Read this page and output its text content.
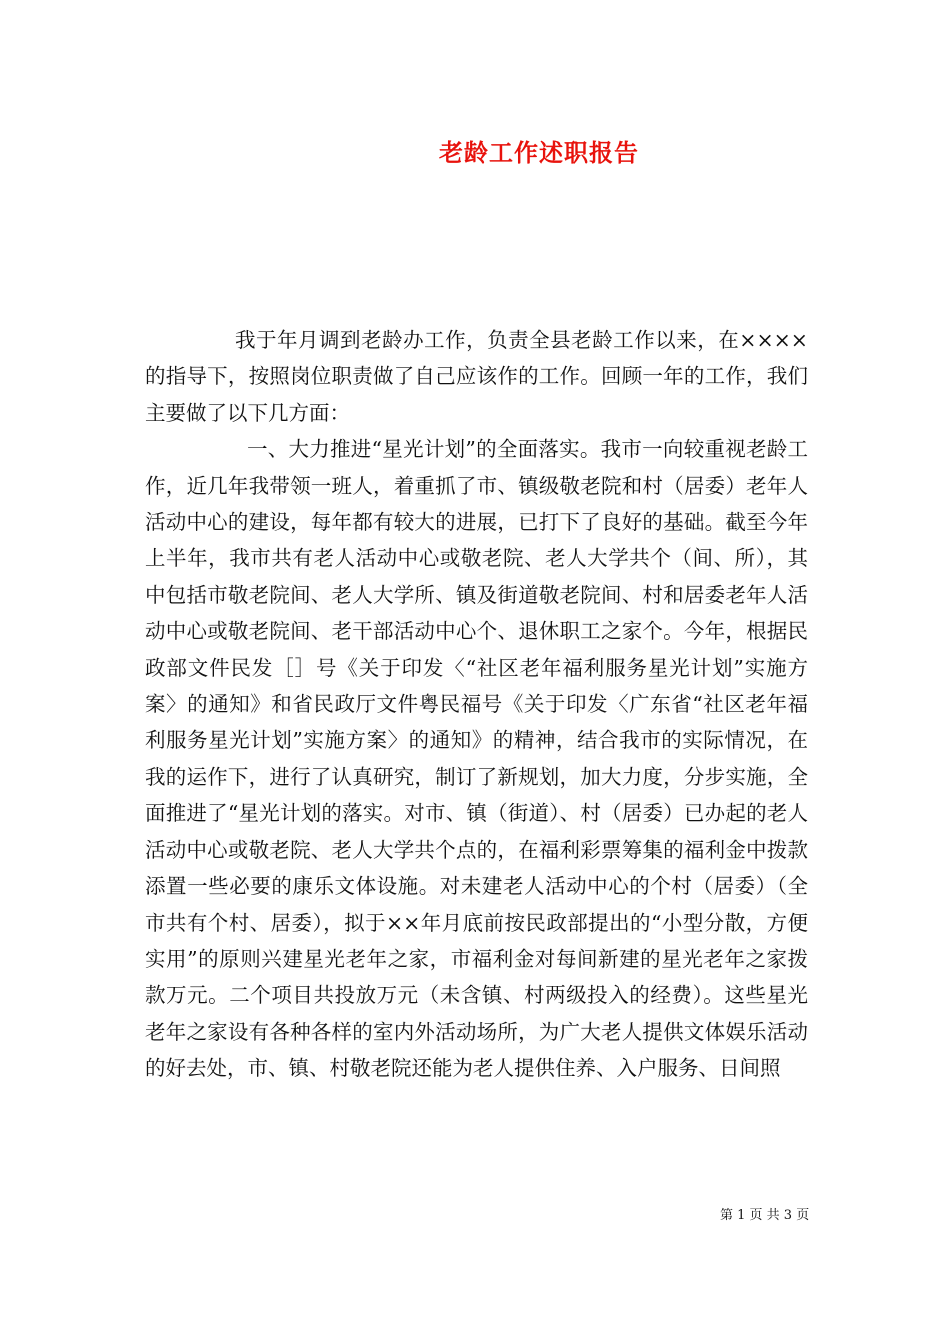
老龄工作述职报告

我于年月调到老龄办工作，负责全县老龄工作以来，在××××的指导下，按照岗位职责做了自己应该作的工作。回顾一年的工作，我们主要做了以下几方面：

一、大力推进“星光计划”的全面落实。我市一向较重视老龄工作，近几年我带领一班人，着重抓了市、镇级敬老院和村（居委）老年人活动中心的建设，每年都有较大的进展，已打下了良好的基础。截至今年上半年，我市共有老人活动中心或敬老院、老人大学共个（间、所），其中包括市敬老院间、老人大学所、镇及街道敬老院间、村和居委老年人活动中心或敬老院间、老干部活动中心个、退休职工之家个。今年，根据民政部文件民发［］号《关于印发〈“社区老年福利服务星光计划”实施方案〉的通知》和省民政厅文件粤民福号《关于印发〈广东省“社区老年福利服务星光计划”实施方案〉的通知》的精神，结合我市的实际情况，在我的运作下，进行了认真研究，制订了新规划，加大力度，分步实施，全面推进了“星光计划的落实。对市、镇（街道）、村（居委）已办起的老人活动中心或敬老院、老人大学共个点的，在福利彩票筹集的福利金中拨款添置一些必要的康乐文体设施。对未建老人活动中心的个村（居委）（全市共有个村、居委），拟于××年月底前按民政部提出的“小型分散，方便实用”的原则兴建星光老年之家，市福利金对每间新建的星光老年之家拨款万元。二个项目共投放万元（未含镇、村两级投入的经费）。这些星光老年之家设有各种各样的室内外活动场所，为广大老人提供文体娱乐活动的好去处，市、镇、村敬老院还能为老人提供住养、入户服务、日间照

第 1 页 共 3 页
